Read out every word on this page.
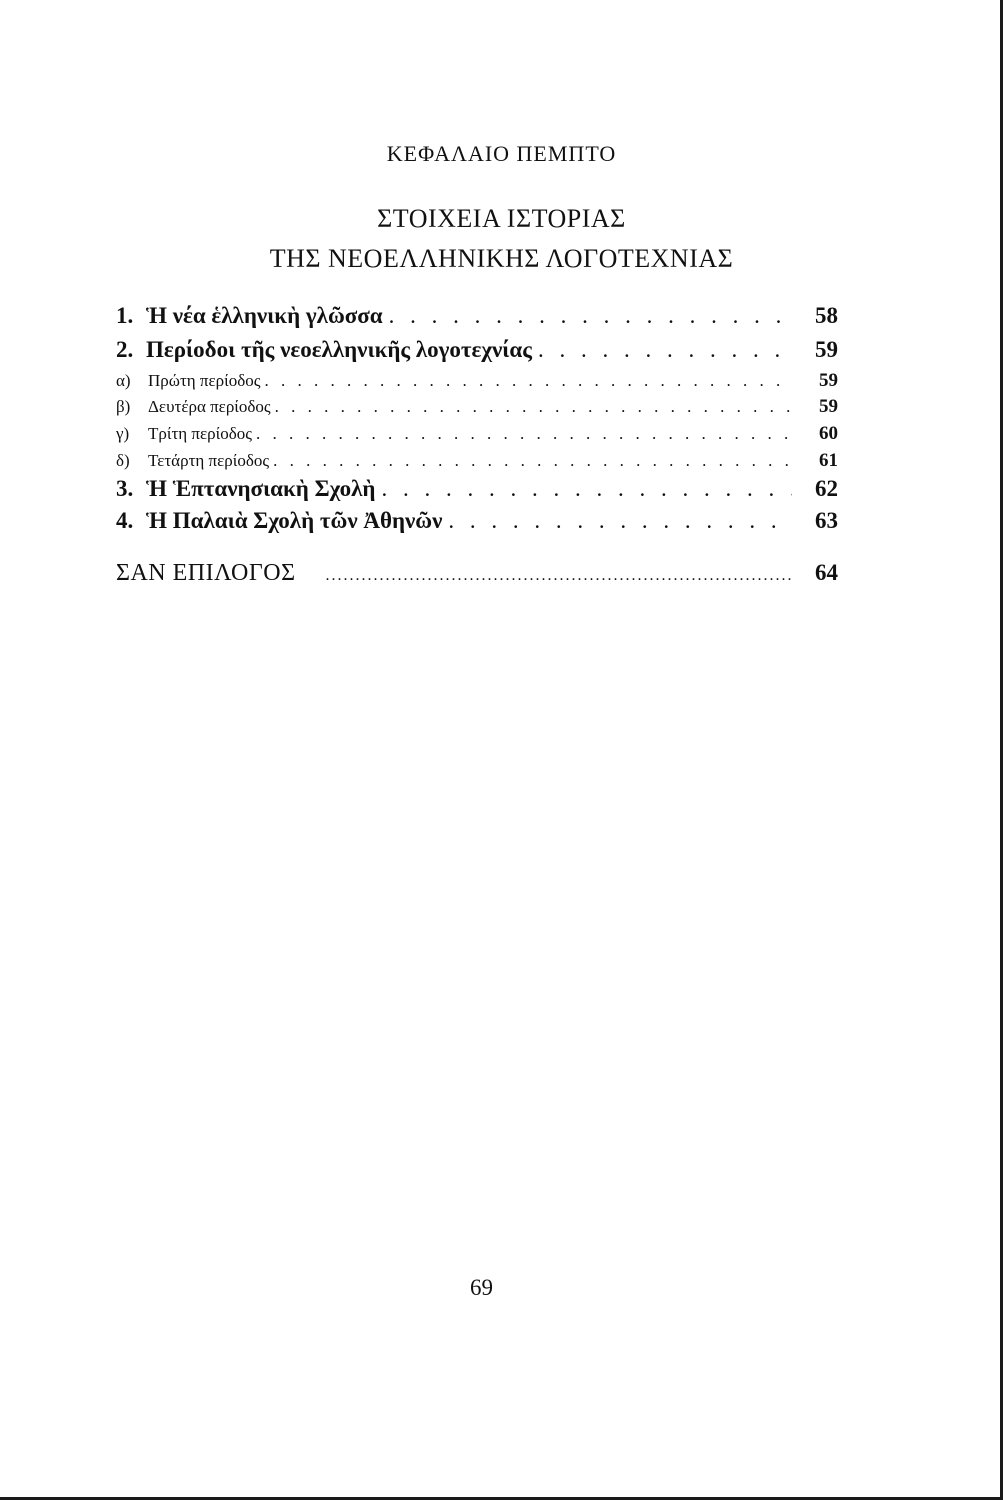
ΚΕΦΑΛΑΙΟ ΠΕΜΠΤΟ
ΣΤΟΙΧΕΙΑ ΙΣΤΟΡΙΑΣ
ΤΗΣ ΝΕΟΕΛΛΗΝΙΚΗΣ ΛΟΓΟΤΕΧΝΙΑΣ
1. Ἡ νέα ἑλληνικὴ γλῶσσα . . .	58
2. Περίοδοι τῆς νεοελληνικῆς λογοτεχνίας . . .	59
α)	Πρώτη περίοδος . . .	59
β)	Δευτέρα περίοδος . . .	59
γ)	Τρίτη περίοδος . . .	60
δ)	Τετάρτη περίοδος . . .	61
3. Ἡ Ἑπτανησιακὴ Σχολὴ . . .	62
4. Ἡ Παλαιὰ Σχολὴ τῶν Ἀθηνῶν . . .	63
ΣΑΝ ΕΠΙΛΟΓΟΣ .....	64
69
